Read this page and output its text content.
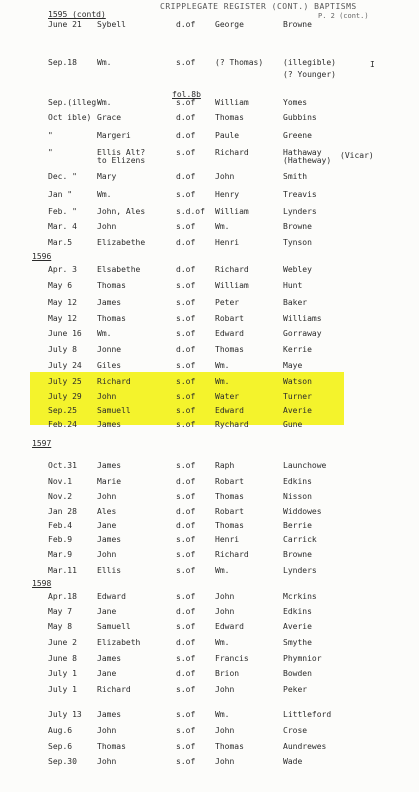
CRIPPLEGATE REGISTER (CONT.) BAPTISMS
P. 2 (cont.)
1595 (contd)
I
fol.8b
(Vicar)
1596
1597
1598
June 21 Sybell	d.of George	Browne
Sep.18	Wm.	s.of (? Thomas) (illegible)
(? Younger)
Sep.(illeg-
Wm.	s.of William	Yomes
Oct ible) Grace	d.of Thomas	Gubbins
"	Margeri	d.of Paule	Greene
"	Ellis Alt?	s.of Richard	Hathaway
to Elizens	(Hatheway)
Dec. "	Mary	d.of John	Smith
Jan "	Wm.	s.of Henry	Treavis
Feb. "	John, Ales	s.d.of William	Lynders
Mar. 4	John	s.of Wm.	Browne
Mar.5	Elizabethe	d.of Henri	Tynson
Apr. 3	Elsabethe	d.of Richard	Webley
May 6	Thomas	s.of William	Hunt
May 12	James	s.of Peter	Baker
May 12	Thomas	s.of Robart	Williams
June 16 Wm.	s.of Edward	Gorraway
July 8	Jonne	d.of Thomas	Kerrie
July 24 Giles	s.of Wm.	Maye
July 25 Richard	s.of Wm.	Watson
July 29 John	s.of Water	Turner
Sep.25	Samuell	s.of Edward	Averie
Feb.24	James	s.of Rychard	Gune
Oct.31	James	s.of Raph	Launchowe
Nov.1	Marie	d.of Robart	Edkins
Nov.2	John	s.of Thomas	Nisson
Jan 28	Ales	d.of Robart	Widdowes
Feb.4	Jane	d.of Thomas	Berrie
Feb.9	James	s.of Henri	Carrick
Mar.9	John	s.of Richard	Browne
Mar.11	Ellis	s.of Wm.	Lynders
Apr.18	Edward	s.of John	Mcrkins
May 7	Jane	d.of John	Edkins
May 8	Samuell	s.of Edward	Averie
June 2	Elizabeth	d.of Wm.	Smythe
June 8	James	s.of Francis	Phymnior
July 1	Jane	d.of Brion	Bowden
July 1	Richard	s.of John	Peker
July 13 James	s.of Wm.	Littleford
Aug.6	John	s.of John	Crose
Sep.6	Thomas	s.of Thomas	Aundrewes
Sep.30	John	s.of John	Wade
